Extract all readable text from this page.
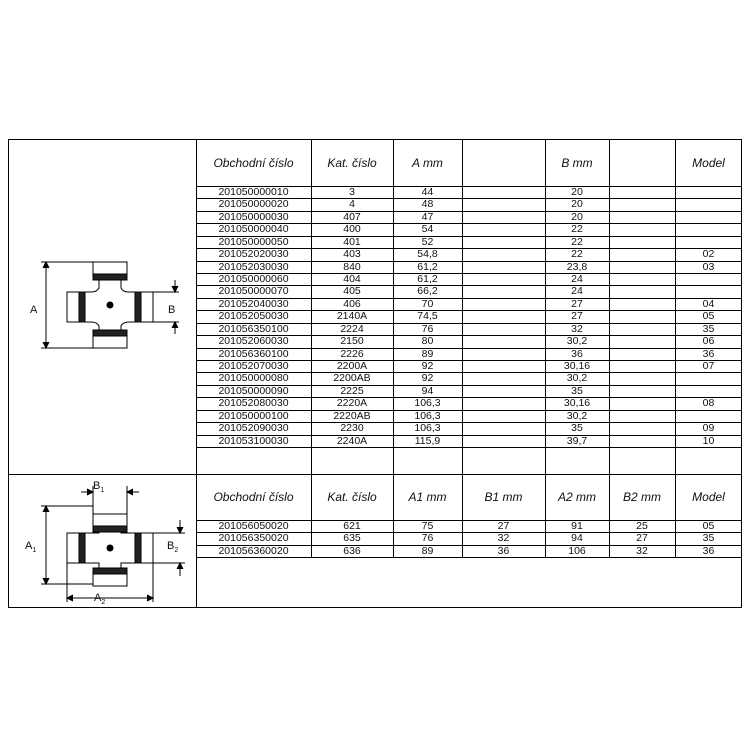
A	B
$B_1$
$A_1$	$B_2$
$A_2$
Obchodní číslo	Kat. číslo	A mm	B mm	Model
201050000010	3	44	20
201050000020	4	48	20
201050000030	407	47	20
201050000040	400	54	22
201050000050	401	52	22
201052020030	403	54,8	22	02
201052030030	840	61,2	23,8	03
201050000060	404	61,2	24
201050000070	405	66,2	24
201052040030	406	70	27	04
201052050030	2140A	74,5	27	05
201056350100	2224	76	32	35
201052060030	2150	80	30,2	06
201056360100	2226	89	36	36
201052070030	2200A	92	30,16	07
201050000080	2200AB	92	30,2
201050000090	2225	94	35
201052080030	2220A	106,3	30,16	08
201050000100	2220AB	106,3	30,2
201052090030	2230	106,3	35	09
201053100030	2240A	115,9	39,7	10
Obchodní číslo	Kat. číslo	A1 mm	B1 mm	A2 mm	B2 mm	Model
201056050020	621	75	27	91	25	05
201056350020	635	76	32	94	27	35
201056360020	636	89	36	106	32	36
